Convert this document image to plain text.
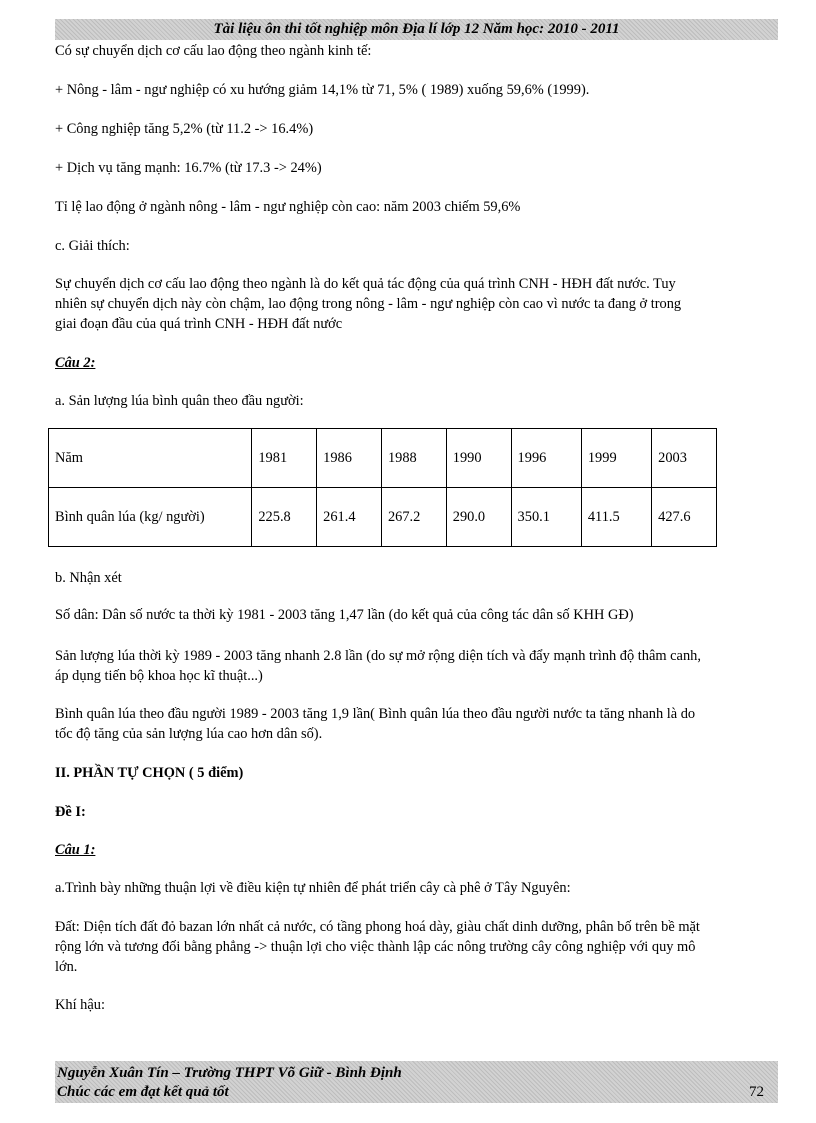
Tài liệu ôn thi tốt nghiệp môn Địa lí lớp 12 Năm học: 2010 - 2011
Có sự chuyển dịch cơ cấu lao động theo ngành kinh tế:
+ Nông - lâm - ngư nghiệp có xu hướng giảm 14,1% từ 71, 5% ( 1989) xuống 59,6% (1999).
+ Công nghiệp tăng 5,2% (từ 11.2 -> 16.4%)
+ Dịch vụ tăng mạnh: 16.7% (từ 17.3 -> 24%)
Tỉ lệ lao động ở ngành nông - lâm - ngư nghiệp còn cao: năm 2003 chiếm 59,6%
c. Giải thích:
Sự chuyển dịch cơ cấu lao động theo ngành là do kết quả tác động của quá trình CNH - HĐH đất nước. Tuy
nhiên sự chuyển dịch này còn chậm, lao động trong nông - lâm - ngư nghiệp còn cao vì nước ta đang ở trong
giai đoạn đầu của quá trình CNH - HĐH đất nước
Câu 2:
a. Sản lượng lúa bình quân theo đầu người:
Năm	1981	1986	1988	1990	1996	1999	2003
Bình quân lúa (kg/ người)	225.8	261.4	267.2	290.0	350.1	411.5	427.6
b. Nhận xét
Số dân: Dân số nước ta thời kỳ 1981 - 2003 tăng 1,47 lần (do kết quả của công tác dân số KHH GĐ)
Sản lượng lúa thời kỳ 1989 - 2003 tăng nhanh 2.8 lần (do sự mở rộng diện tích và đẩy mạnh trình độ thâm canh,
áp dụng tiến bộ khoa học kĩ thuật...)
Bình quân lúa theo đầu người 1989 - 2003 tăng 1,9 lần( Bình quân lúa theo đầu người nước ta tăng nhanh là do
tốc độ tăng của sản lượng lúa cao hơn dân số).
II. PHẦN TỰ CHỌN ( 5 điểm)
Đề I:
Câu 1:
a.Trình bày những thuận lợi về điều kiện tự nhiên để phát triển cây cà phê ở Tây Nguyên:
Đất: Diện tích đất đỏ bazan lớn nhất cả nước, có tầng phong hoá dày, giàu chất dinh dưỡng, phân bố trên bề mặt
rộng lớn và tương đối bằng phẳng -> thuận lợi cho việc thành lập các nông trường cây công nghiệp với quy mô
lớn.
Khí hậu:
Nguyễn Xuân Tín – Trường THPT Võ Giữ - Bình Định
Chúc các em đạt kết quả tốt	72
